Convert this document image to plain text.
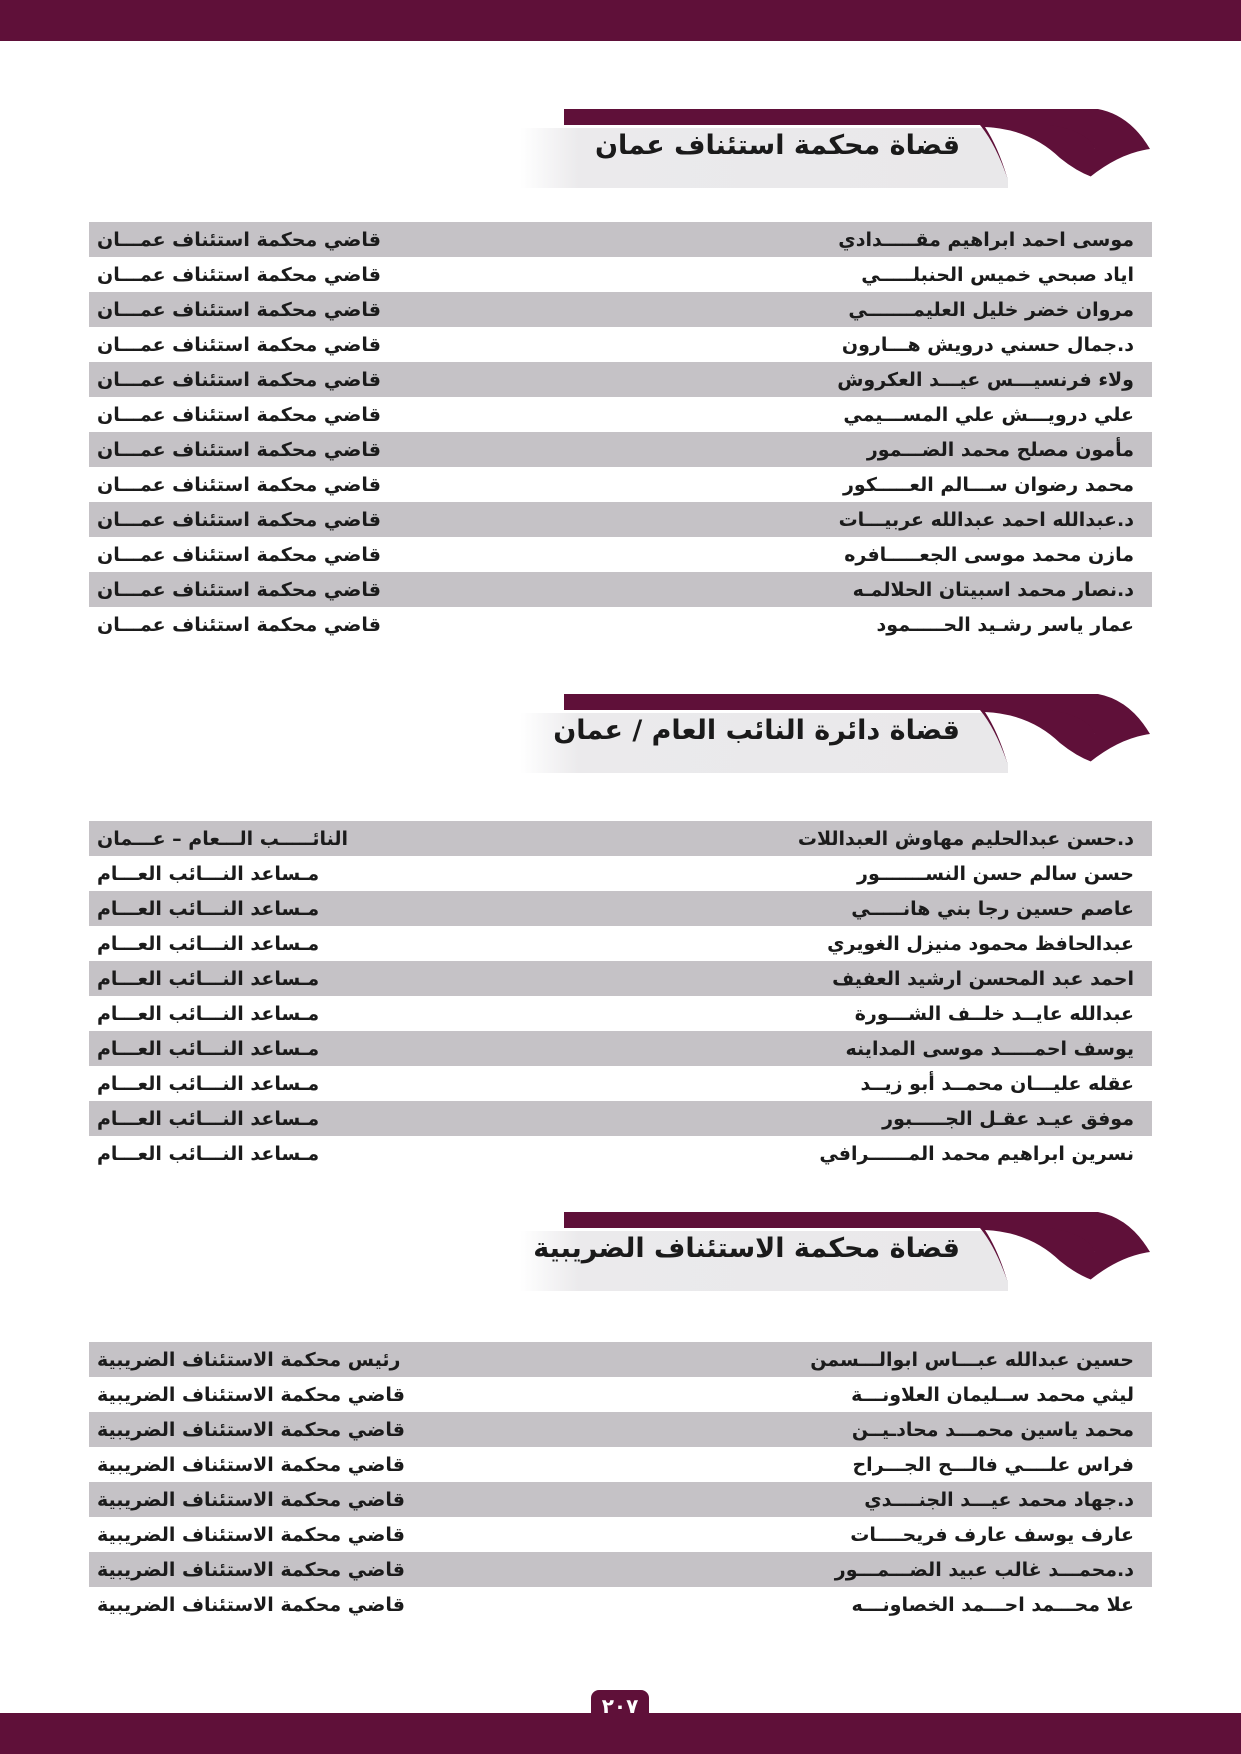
قضاة محكمة استئناف عمان
موسى احمد ابراهيم مقـــــدادي
قاضي محكمة استئناف عمـــان
اياد صبحي خميس الحنبلـــــي
قاضي محكمة استئناف عمـــان
مروان خضر خليل العليمـــــــي
قاضي محكمة استئناف عمـــان
د.جمال حسني درويش هـــارون
قاضي محكمة استئناف عمـــان
ولاء فرنسيـــس عيـــد العكروش
قاضي محكمة استئناف عمـــان
علي درويـــش علي المســـيمي
قاضي محكمة استئناف عمـــان
مأمون مصلح محمد الضـــمور
قاضي محكمة استئناف عمـــان
محمد رضوان ســـالم العـــــكور
قاضي محكمة استئناف عمـــان
د.عبدالله احمد عبدالله عربيـــات
قاضي محكمة استئناف عمـــان
مازن محمد موسى الجعـــــافره
قاضي محكمة استئناف عمـــان
د.نصار محمد اسبيتان الحلالمـه
قاضي محكمة استئناف عمـــان
عمار ياسر رشـيد الحـــــمود
قاضي محكمة استئناف عمـــان
قضاة دائرة النائب العام / عمان
د.حسن عبدالحليم مهاوش العبداللات
النائـــــب الـــعام – عـــمان
حسن سالم حسن النســـــــور
مـساعد النـــائب العـــام
عاصم حسين رجا بني هانـــــي
مـساعد النـــائب العـــام
عبدالحافظ محمود منيزل الغويري
مـساعد النـــائب العـــام
احمد عبد المحسن ارشيد العفيف
مـساعد النـــائب العـــام
عبدالله عايــد خلــف الشـــورة
مـساعد النـــائب العـــام
يوسف احمـــــد موسى المداينه
مـساعد النـــائب العـــام
عقله عليـــان محمــد أبو زيــد
مـساعد النـــائب العـــام
موفق عيـد عقـل الجـــــبور
مـساعد النـــائب العـــام
نسرين ابراهيم محمد المــــــرافي
مـساعد النـــائب العـــام
قضاة محكمة الاستئناف الضريبية
حسين عبدالله عبـــاس ابوالـــسمن
رئيس محكمة الاستئناف الضريبية
ليثي محمد ســليمان العلاونـــة
قاضي محكمة الاستئناف الضريبية
محمد ياسين محمـــد محادـيــن
قاضي محكمة الاستئناف الضريبية
فراس علــــي فالـــح الجـــراح
قاضي محكمة الاستئناف الضريبية
د.جهاد محمد عيـــد الجنــــدي
قاضي محكمة الاستئناف الضريبية
عارف يوسف عارف فريحــــات
قاضي محكمة الاستئناف الضريبية
د.محمـــد غالب عبيد الضـــمـــور
قاضي محكمة الاستئناف الضريبية
علا محـــمد احـــمد الخصاونـــه
قاضي محكمة الاستئناف الضريبية
٢٠٧
